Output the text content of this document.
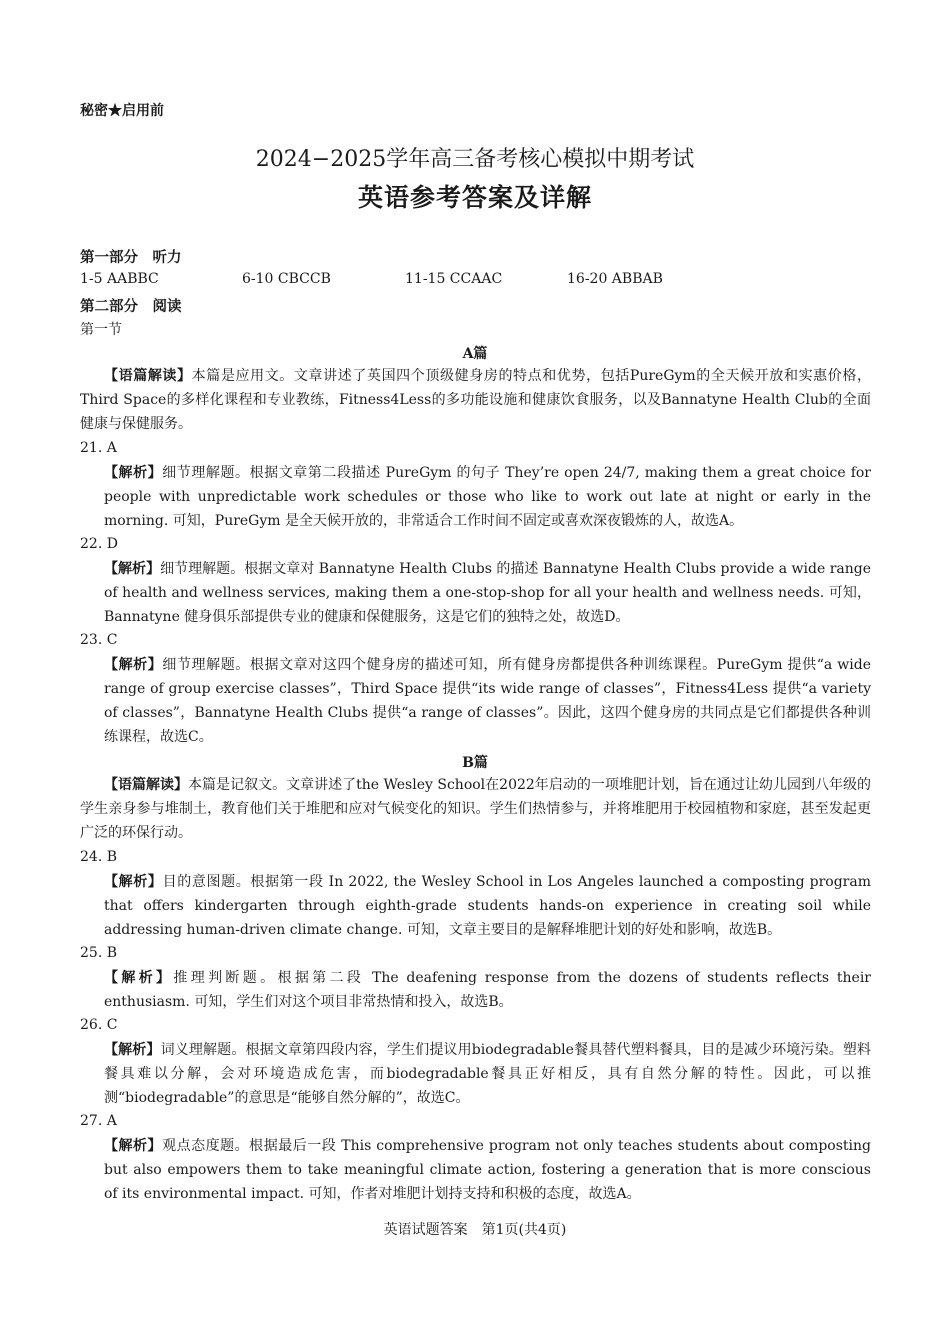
秘密★启用前
2024−2025学年高三备考核心模拟中期考试
英语参考答案及详解
第一部分　听力
1-5 AABBC	6-10 CBCCB	11-15 CCAAC	16-20 ABBAB
第二部分　阅读
第一节
A篇
【语篇解读】本篇是应用文。文章讲述了英国四个顶级健身房的特点和优势，包括PureGym的全天候开放和实惠价格，Third Space的多样化课程和专业教练，Fitness4Less的多功能设施和健康饮食服务，以及Bannatyne Health Club的全面健康与保健服务。
21. A
【解析】细节理解题。根据文章第二段描述 PureGym 的句子 They’re open 24/7, making them a great choice for people with unpredictable work schedules or those who like to work out late at night or early in the morning. 可知，PureGym 是全天候开放的，非常适合工作时间不固定或喜欢深夜锻炼的人，故选A。
22. D
【解析】细节理解题。根据文章对 Bannatyne Health Clubs 的描述 Bannatyne Health Clubs provide a wide range of health and wellness services, making them a one-stop-shop for all your health and wellness needs. 可知，Bannatyne 健身俱乐部提供专业的健康和保健服务，这是它们的独特之处，故选D。
23. C
【解析】细节理解题。根据文章对这四个健身房的描述可知，所有健身房都提供各种训练课程。PureGym 提供“a wide range of group exercise classes”，Third Space 提供“its wide range of classes”，Fitness4Less 提供“a variety of classes”，Bannatyne Health Clubs 提供“a range of classes”。因此，这四个健身房的共同点是它们都提供各种训练课程，故选C。
B篇
【语篇解读】本篇是记叙文。文章讲述了the Wesley School在2022年启动的一项堆肥计划，旨在通过让幼儿园到八年级的学生亲身参与堆制土，教育他们关于堆肥和应对气候变化的知识。学生们热情参与，并将堆肥用于校园植物和家庭，甚至发起更广泛的环保行动。
24. B
【解析】目的意图题。根据第一段 In 2022, the Wesley School in Los Angeles launched a composting program that offers kindergarten through eighth-grade students hands-on experience in creating soil while addressing human-driven climate change. 可知，文章主要目的是解释堆肥计划的好处和影响，故选B。
25. B
【解析】推理判断题。根据第二段 The deafening response from the dozens of students reflects their enthusiasm. 可知，学生们对这个项目非常热情和投入，故选B。
26. C
【解析】词义理解题。根据文章第四段内容，学生们提议用biodegradable餐具替代塑料餐具，目的是减少环境污染。塑料餐具难以分解，会对环境造成危害，而biodegradable餐具正好相反，具有自然分解的特性。因此，可以推测“biodegradable”的意思是“能够自然分解的”，故选C。
27. A
【解析】观点态度题。根据最后一段 This comprehensive program not only teaches students about composting but also empowers them to take meaningful climate action, fostering a generation that is more conscious of its environmental impact. 可知，作者对堆肥计划持支持和积极的态度，故选A。
英语试题答案　第1页(共4页)
